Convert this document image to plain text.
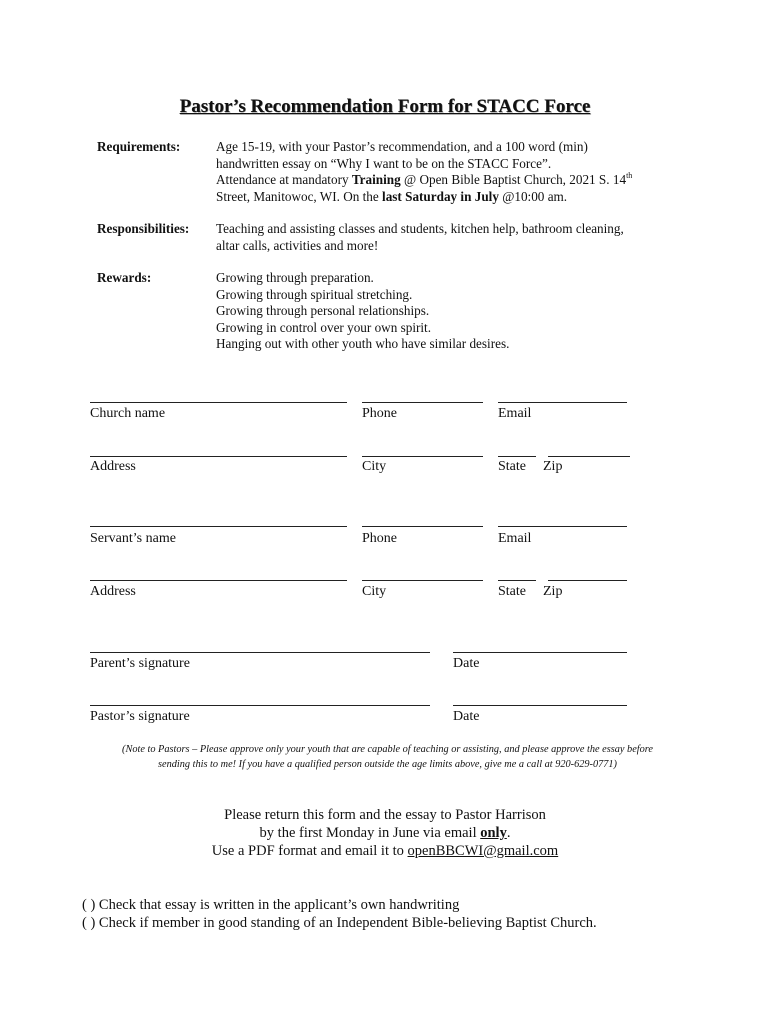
Pastor’s Recommendation Form for STACC Force
Requirements:	Age 15-19, with your Pastor’s recommendation, and a 100 word (min)
handwritten essay on “Why I want to be on the STACC Force”.
Attendance at mandatory Training @ Open Bible Baptist Church, 2021 S. 14th
Street, Manitowoc, WI. On the last Saturday in July @10:00 am.
Responsibilities: Teaching and assisting classes and students, kitchen help, bathroom cleaning,
altar calls, activities and more!
Rewards:	Growing through preparation.
Growing through spiritual stretching.
Growing through personal relationships.
Growing in control over your own spirit.
Hanging out with other youth who have similar desires.
Church name	Phone	Email
Address	City	State Zip
Servant’s name	Phone	Email
Address	City	State Zip
Parent’s signature	Date
Pastor’s signature	Date
(Note to Pastors – Please approve only your youth that are capable of teaching or assisting, and please approve the essay before
sending this to me! If you have a qualified person outside the age limits above, give me a call at 920-629-0771)
Please return this form and the essay to Pastor Harrison
by the first Monday in June via email only.
Use a PDF format and email it to openBBCWI@gmail.com
( ) Check that essay is written in the applicant’s own handwriting
( ) Check if member in good standing of an Independent Bible-believing Baptist Church.
